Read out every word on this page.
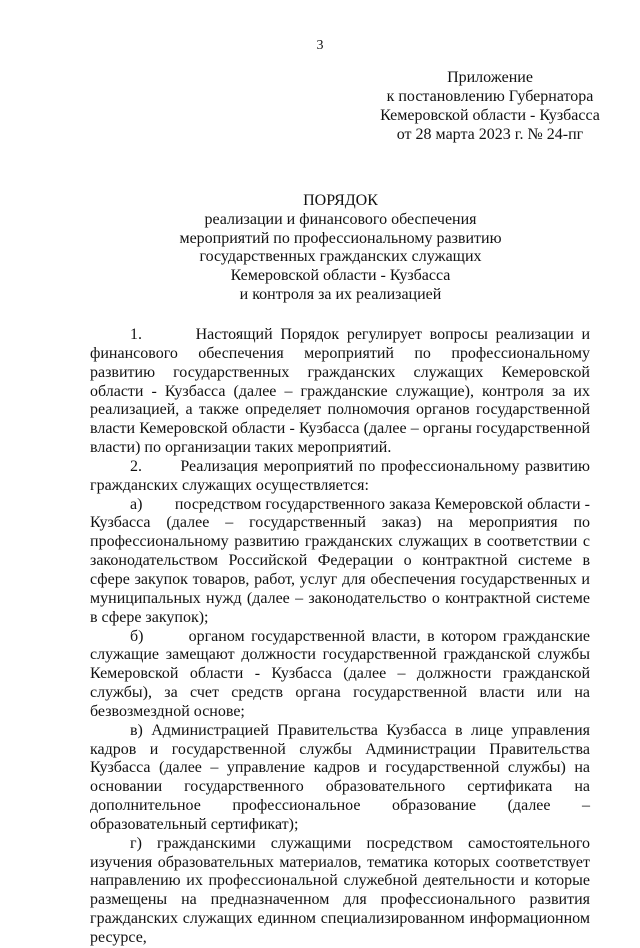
3
Приложение
к постановлению Губернатора
Кемеровской области - Кузбасса
от 28 марта 2023 г. № 24-пг
ПОРЯДОК
реализации и финансового обеспечения
мероприятий по профессиональному развитию
государственных гражданских служащих
Кемеровской области - Кузбасса
и контроля за их реализацией

1.       Настоящий Порядок регулирует вопросы реализации и финансового обеспечения мероприятий по профессиональному развитию государственных гражданских служащих Кемеровской области - Кузбасса (далее – гражданские служащие), контроля за их реализацией, а также определяет полномочия органов государственной власти Кемеровской области - Кузбасса (далее – органы государственной власти) по организации таких мероприятий.

2.       Реализация мероприятий по профессиональному развитию гражданских служащих осуществляется:

а)        посредством государственного заказа Кемеровской области - Кузбасса (далее – государственный заказ) на мероприятия по профессиональному развитию гражданских служащих в соответствии с законодательством Российской Федерации о контрактной системе в сфере закупок товаров, работ, услуг для обеспечения государственных и муниципальных нужд (далее – законодательство о контрактной системе в сфере закупок);

б)       органом государственной власти, в котором гражданские служащие замещают должности государственной гражданской службы Кемеровской области - Кузбасса (далее – должности гражданской службы), за счет средств органа государственной власти или на безвозмездной основе;

в) Администрацией Правительства Кузбасса в лице управления кадров и государственной службы Администрации Правительства Кузбасса (далее – управление кадров и государственной службы) на основании государственного образовательного сертификата на дополнительное профессиональное образование (далее – образовательный сертификат);

г) гражданскими служащими посредством самостоятельного изучения образовательных материалов, тематика которых соответствует направлению их профессиональной служебной деятельности и которые размещены на предназначенном для профессионального развития гражданских служащих единном специализированном информационном ресурсе,
